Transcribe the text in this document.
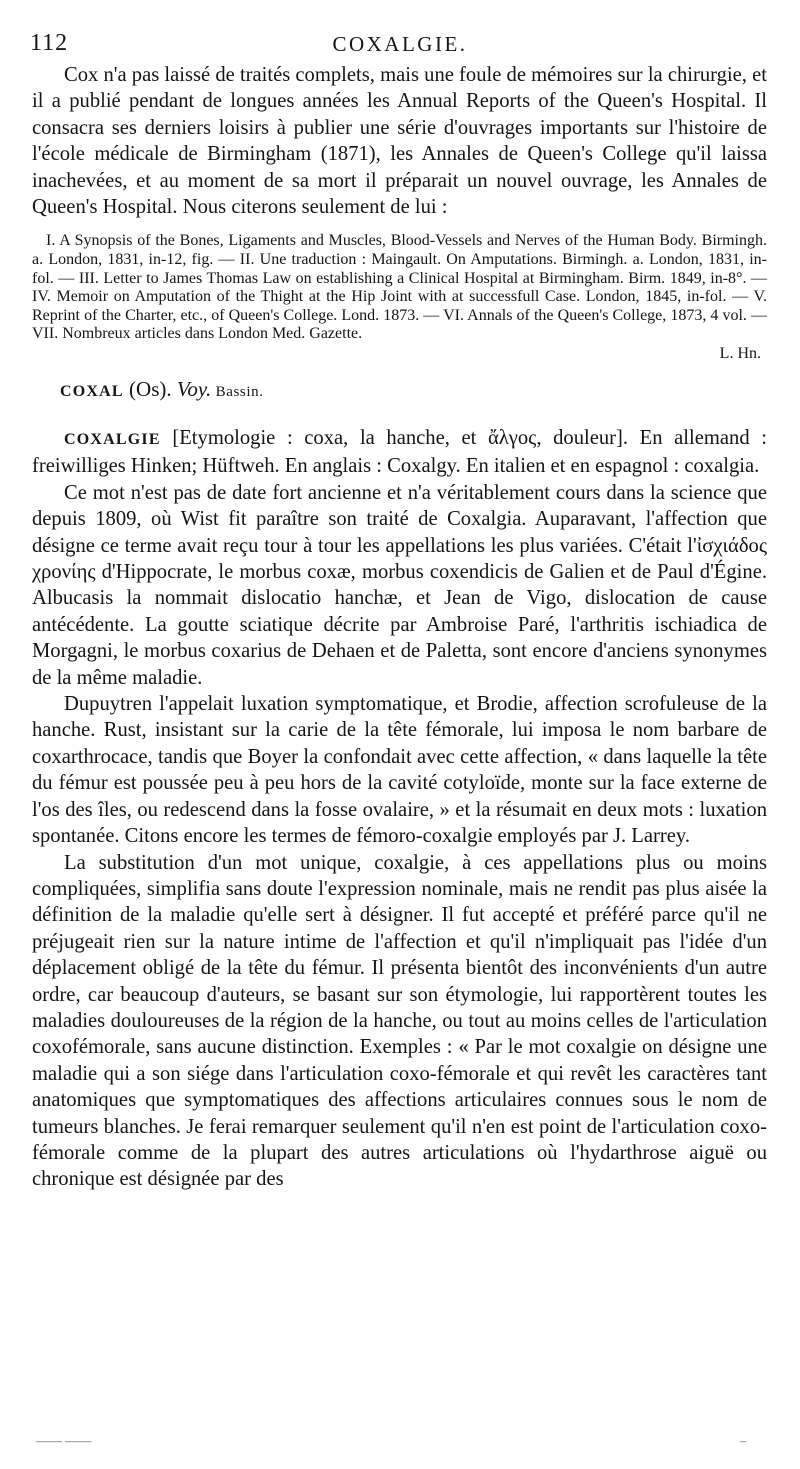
112	COXALGIE.

Cox n'a pas laissé de traités complets, mais une foule de mémoires sur la chirurgie, et il a publié pendant de longues années les Annual Reports of the Queen's Hospital. Il consacra ses derniers loisirs à publier une série d'ouvrages importants sur l'histoire de l'école médicale de Birmingham (1871), les Annales de Queen's College qu'il laissa inachevées, et au moment de sa mort il préparait un nouvel ouvrage, les Annales de Queen's Hospital. Nous citerons seulement de lui :

I. A Synopsis of the Bones, Ligaments and Muscles, Blood-Vessels and Nerves of the Human Body. Birmingh. a. London, 1831, in-12, fig. — II. Une traduction : Maingault. On Amputations. Birmingh. a. London, 1831, in-fol. — III. Letter to James Thomas Law on establishing a Clinical Hospital at Birmingham. Birm. 1849, in-8°. — IV. Memoir on Amputation of the Thight at the Hip Joint with at successfull Case. London, 1845, in-fol. — V. Reprint of the Charter, etc., of Queen's College. Lond. 1873. — VI. Annals of the Queen's College, 1873, 4 vol. — VII. Nombreux articles dans London Med. Gazette.

L. Hn.

COXAL (Os). Voy. Bassin.

COXALGIE [Etymologie : coxa, la hanche, et ἄλγος, douleur]. En allemand : freiwilliges Hinken; Hüftweh. En anglais : Coxalgy. En italien et en espagnol : coxalgia.

Ce mot n'est pas de date fort ancienne et n'a véritablement cours dans la science que depuis 1809, où Wist fit paraître son traité de Coxalgia. Auparavant, l'affection que désigne ce terme avait reçu tour à tour les appellations les plus variées. C'était l'ἰσχιάδος χρονίης d'Hippocrate, le morbus coxæ, morbus coxendicis de Galien et de Paul d'Égine. Albucasis la nommait dislocatio hanchæ, et Jean de Vigo, dislocation de cause antécédente. La goutte sciatique décrite par Ambroise Paré, l'arthritis ischiadica de Morgagni, le morbus coxarius de Dehaen et de Paletta, sont encore d'anciens synonymes de la même maladie.

Dupuytren l'appelait luxation symptomatique, et Brodie, affection scrofuleuse de la hanche. Rust, insistant sur la carie de la tête fémorale, lui imposa le nom barbare de coxarthrocace, tandis que Boyer la confondait avec cette affection, « dans laquelle la tête du fémur est poussée peu à peu hors de la cavité cotyloïde, monte sur la face externe de l'os des îles, ou redescend dans la fosse ovalaire, » et la résumait en deux mots : luxation spontanée. Citons encore les termes de fémoro-coxalgie employés par J. Larrey.

La substitution d'un mot unique, coxalgie, à ces appellations plus ou moins compliquées, simplifia sans doute l'expression nominale, mais ne rendit pas plus aisée la définition de la maladie qu'elle sert à désigner. Il fut accepté et préféré parce qu'il ne préjugeait rien sur la nature intime de l'affection et qu'il n'impliquait pas l'idée d'un déplacement obligé de la tête du fémur. Il présenta bientôt des inconvénients d'un autre ordre, car beaucoup d'auteurs, se basant sur son étymologie, lui rapportèrent toutes les maladies douloureuses de la région de la hanche, ou tout au moins celles de l'articulation coxofémorale, sans aucune distinction. Exemples : « Par le mot coxalgie on désigne une maladie qui a son siége dans l'articulation coxo-fémorale et qui revêt les caractères tant anatomiques que symptomatiques des affections articulaires connues sous le nom de tumeurs blanches. Je ferai remarquer seulement qu'il n'en est point de l'articulation coxo-fémorale comme de la plupart des autres articulations où l'hydarthrose aiguë ou chronique est désignée par des

—— ——	–
